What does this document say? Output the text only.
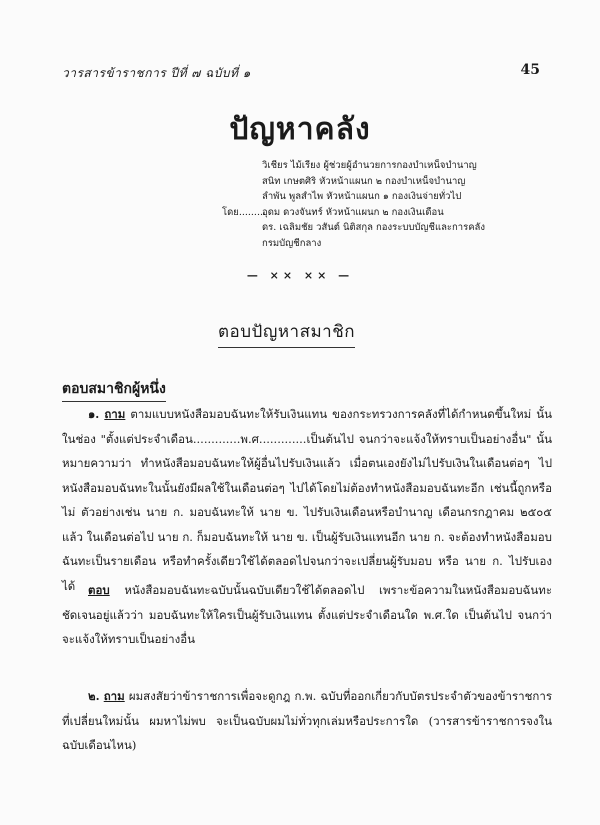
วารสารข้าราชการ ปีที่ ๗ ฉบับที่ ๑	45
ปัญหาคลัง
โดย.........
วิเชียร ไม้เรียง ผู้ช่วยผู้อำนวยการกองบำเหน็จบำนาญ
สนิท เกษตศิริ หัวหน้าแผนก ๒ กองบำเหน็จบำนาญ
ลำพัน พูลสำไพ หัวหน้าแผนก ๑ กองเงินจ่ายทั่วไป
อุดม ดวงจันทร์ หัวหน้าแผนก ๒ กองเงินเดือน
ดร. เฉลิมชัย วสันต์ นิติสกุล กองระบบบัญชีและการคลัง
กรมบัญชีกลาง
— ×× ×× —
ตอบปัญหาสมาชิก
ตอบสมาชิกผู้หนึ่ง
๑. ถาม ตามแบบหนังสือมอบฉันทะให้รับเงินแทน ของกระทรวงการคลังที่ได้กำหนดขึ้นใหม่ นั้น ในช่อง "ตั้งแต่ประจำเดือน.............พ.ศ.............เป็นต้นไป จนกว่าจะแจ้งให้ทราบเป็นอย่างอื่น" นั้น หมายความว่า ทำหนังสือมอบฉันทะให้ผู้อื่นไปรับเงินแล้ว เมื่อตนเองยังไม่ไปรับเงินในเดือนต่อๆ ไป หนังสือมอบฉันทะในนั้นยังมีผลใช้ในเดือนต่อๆ ไปได้โดยไม่ต้องทำหนังสือมอบฉันทะอีก เช่นนี้ถูกหรือไม่ ตัวอย่างเช่น นาย ก. มอบฉันทะให้ นาย ข. ไปรับเงินเดือนหรือบำนาญ เดือนกรกฎาคม ๒๕๐๕ แล้ว ในเดือนต่อไป นาย ก. ก็มอบฉันทะให้ นาย ข. เป็นผู้รับเงินแทนอีก นาย ก. จะต้องทำหนังสือมอบฉันทะเป็นรายเดือน หรือทำครั้งเดียวใช้ได้ตลอดไปจนกว่าจะเปลี่ยนผู้รับมอบ หรือ นาย ก. ไปรับเองได้	ตอบ หนังสือมอบฉันทะฉบับนั้นฉบับเดียวใช้ได้ตลอดไป เพราะข้อความในหนังสือมอบฉันทะชัดเจนอยู่แล้วว่า มอบฉันทะให้ใครเป็นผู้รับเงินแทน ตั้งแต่ประจำเดือนใด พ.ศ.ใด เป็นต้นไป จนกว่าจะแจ้งให้ทราบเป็นอย่างอื่น
๒. ถาม ผมสงสัยว่าข้าราชการเพื่อจะดูกฎ ก.พ. ฉบับที่ออกเกี่ยวกับบัตรประจำตัวของข้าราชการที่เปลี่ยนใหม่นั้น ผมหาไม่พบ จะเป็นฉบับผมไม่ทั่วทุกเล่มหรือประการใด (วารสารข้าราชการจงในฉบับเดือนไหน)
